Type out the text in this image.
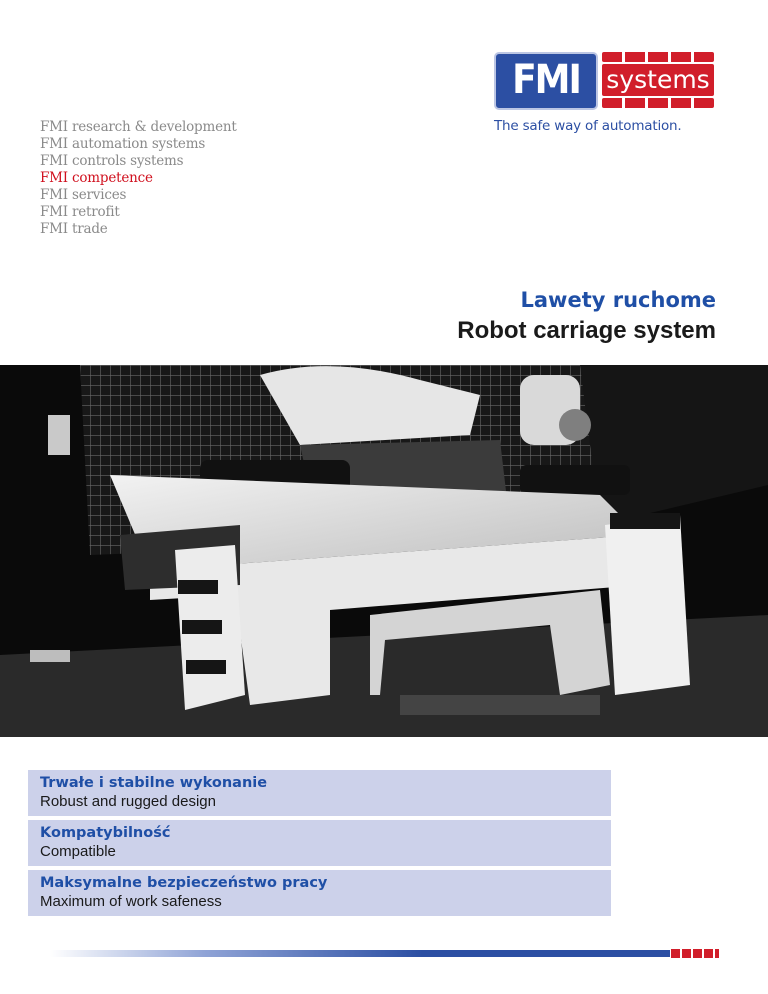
FMI research & development
FMI automation systems
FMI controls systems
FMI competence
FMI services
FMI retrofit
FMI trade
FMI	systems
The safe way of automation.
Lawety ruchome
Robot carriage system
Trwałe i stabilne wykonanie
Robust and rugged design
Kompatybilność
Compatible
Maksymalne bezpieczeństwo pracy
Maximum of work safeness
